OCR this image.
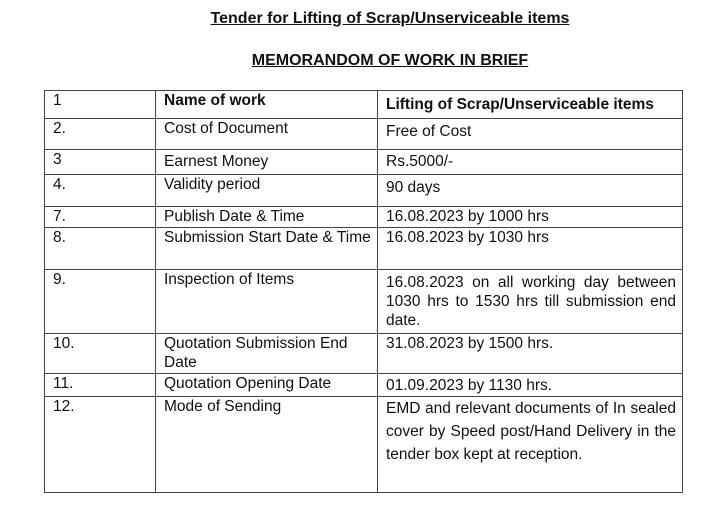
Tender for Lifting of Scrap/Unserviceable items
MEMORANDOM OF WORK IN BRIEF
1	Name of work	Lifting of Scrap/Unserviceable items
2.	Cost of Document	Free of Cost
3	Earnest Money	Rs.5000/-
4.	Validity period	90 days
7.	Publish Date & Time	16.08.2023 by 1000 hrs
8.	Submission Start Date & Time	16.08.2023 by 1030 hrs
9.	Inspection of Items	16.08.2023 on all working day between 1030 hrs to 1530 hrs till submission end date.
10.	Quotation Submission End Date	31.08.2023 by 1500 hrs.
11.	Quotation Opening Date	01.09.2023 by 1130 hrs.
12.	Mode of Sending	EMD and relevant documents of In sealed cover by Speed post/Hand Delivery in the tender box kept at reception.
